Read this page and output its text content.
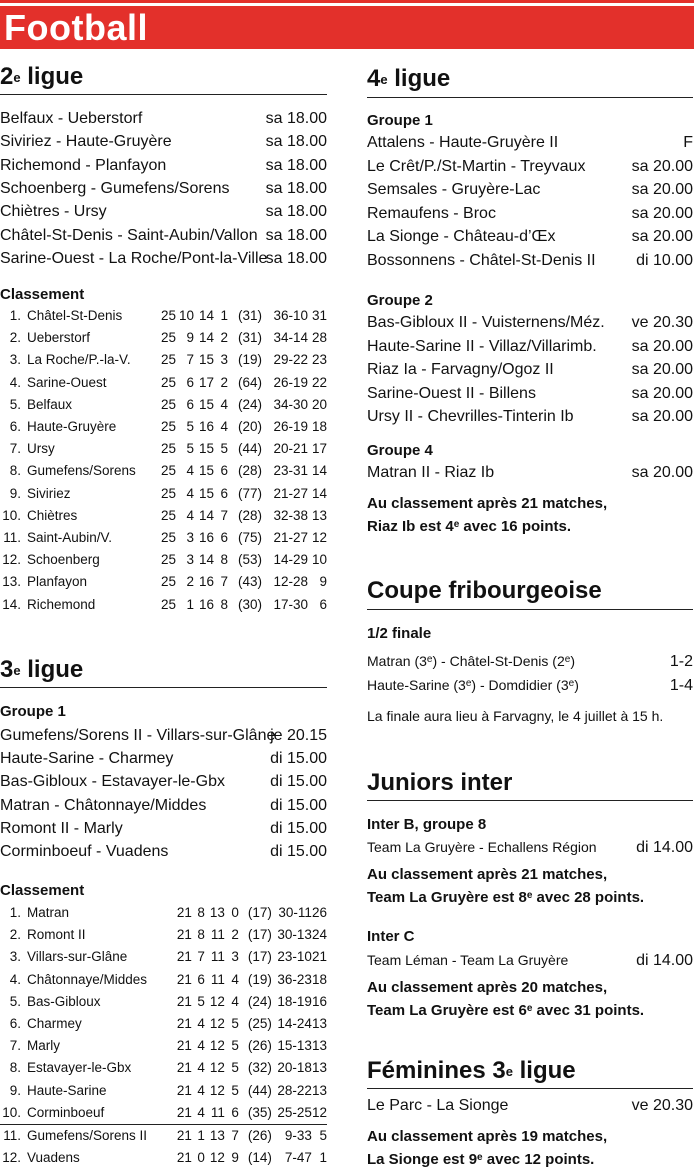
Football
2e ligue
Belfaux - Ueberstorf	sa 18.00
Siviriez - Haute-Gruyère	sa 18.00
Richemond - Planfayon	sa 18.00
Schoenberg - Gumefens/Sorens sa 18.00
Chiètres - Ursy	sa 18.00
Châtel-St-Denis - Saint-Aubin/Vallon sa 18.00
Sarine-Ouest - La Roche/Pont-la-Ville
sa 18.00
Classement
1.	Châtel-St-Denis	25	10	14	1	(31)	36-10	31
2.	Ueberstorf	25	9	14	2	(31)	34-14	28
3.	La Roche/P.-la-V.	25	7	15	3	(19)	29-22	23
4.	Sarine-Ouest	25	6	17	2	(64)	26-19	22
5.	Belfaux	25	6	15	4	(24)	34-30	20
6.	Haute-Gruyère	25	5	16	4	(20)	26-19	18
7.	Ursy	25	5	15	5	(44)	20-21	17
8.	Gumefens/Sorens	25	4	15	6	(28)	23-31	14
9.	Siviriez	25	4	15	6	(77)	21-27	14
10.	Chiètres	25	4	14	7	(28)	32-38	13
11.	Saint-Aubin/V.	25	3	16	6	(75)	21-27	12
12.	Schoenberg	25	3	14	8	(53)	14-29	10
13.	Planfayon	25	2	16	7	(43)	12-28	9
14.	Richemond	25	1	16	8	(30)	17-30	6
3e ligue
Groupe 1
Gumefens/Sorens II - Villars-sur-Glâne
je 20.15
Haute-Sarine - Charmey	di 15.00
Bas-Gibloux - Estavayer-le-Gbx	di 15.00
Matran - Châtonnaye/Middes	di 15.00
Romont II - Marly	di 15.00
Corminboeuf - Vuadens	di 15.00
Classement
1.	Matran	21	8	13	0	(17)	30-11	26
2.	Romont II	21	8	11	2	(17)	30-13	24
3.	Villars-sur-Glâne	21	7	11	3	(17)	23-10	21
4.	Châtonnaye/Middes	21	6	11	4	(19)	36-23	18
5.	Bas-Gibloux	21	5	12	4	(24)	18-19	16
6.	Charmey	21	4	12	5	(25)	14-24	13
7.	Marly	21	4	12	5	(26)	15-13	13
8.	Estavayer-le-Gbx	21	4	12	5	(32)	20-18	13
9.	Haute-Sarine	21	4	12	5	(44)	28-22	13
10.	Corminboeuf	21	4	11	6	(35)	25-25	12
11.	Gumefens/Sorens II	21	1	13	7	(26)	9-33	5
12.	Vuadens	21	0	12	9	(14)	7-47	1
4e ligue
Groupe 1
Attalens - Haute-Gruyère II	F
Le Crêt/P./St-Martin - Treyvaux	sa 20.00
Semsales - Gruyère-Lac	sa 20.00
Remaufens - Broc	sa 20.00
La Sionge - Château-d’Œx	sa 20.00
Bossonnens - Châtel-St-Denis II	di 10.00
Groupe 2
Bas-Gibloux II - Vuisternens/Méz. ve 20.30
Haute-Sarine II - Villaz/Villarimb. sa 20.00
Riaz Ia - Farvagny/Ogoz II	sa 20.00
Sarine-Ouest II - Billens	sa 20.00
Ursy II - Chevrilles-Tinterin Ib	sa 20.00
Groupe 4
Matran II - Riaz Ib	sa 20.00
Au classement après 21 matches,
Riaz Ib est 4e avec 16 points.
Coupe fribourgeoise
1/2 finale
Matran (3e) - Châtel-St-Denis (2e)	1-2
Haute-Sarine (3e) - Domdidier (3e)	1-4
La finale aura lieu à Farvagny, le 4 juillet à 15 h.
Juniors inter
Inter B, groupe 8
Team La Gruyère - Echallens Région di 14.00
Au classement après 21 matches,
Team La Gruyère est 8e avec 28 points.
Inter C
Team Léman - Team La Gruyère	di 14.00
Au classement après 20 matches,
Team La Gruyère est 6e avec 31 points.
Féminines 3e ligue
Le Parc - La Sionge	ve 20.30
Au classement après 19 matches,
La Sionge est 9e avec 12 points.
